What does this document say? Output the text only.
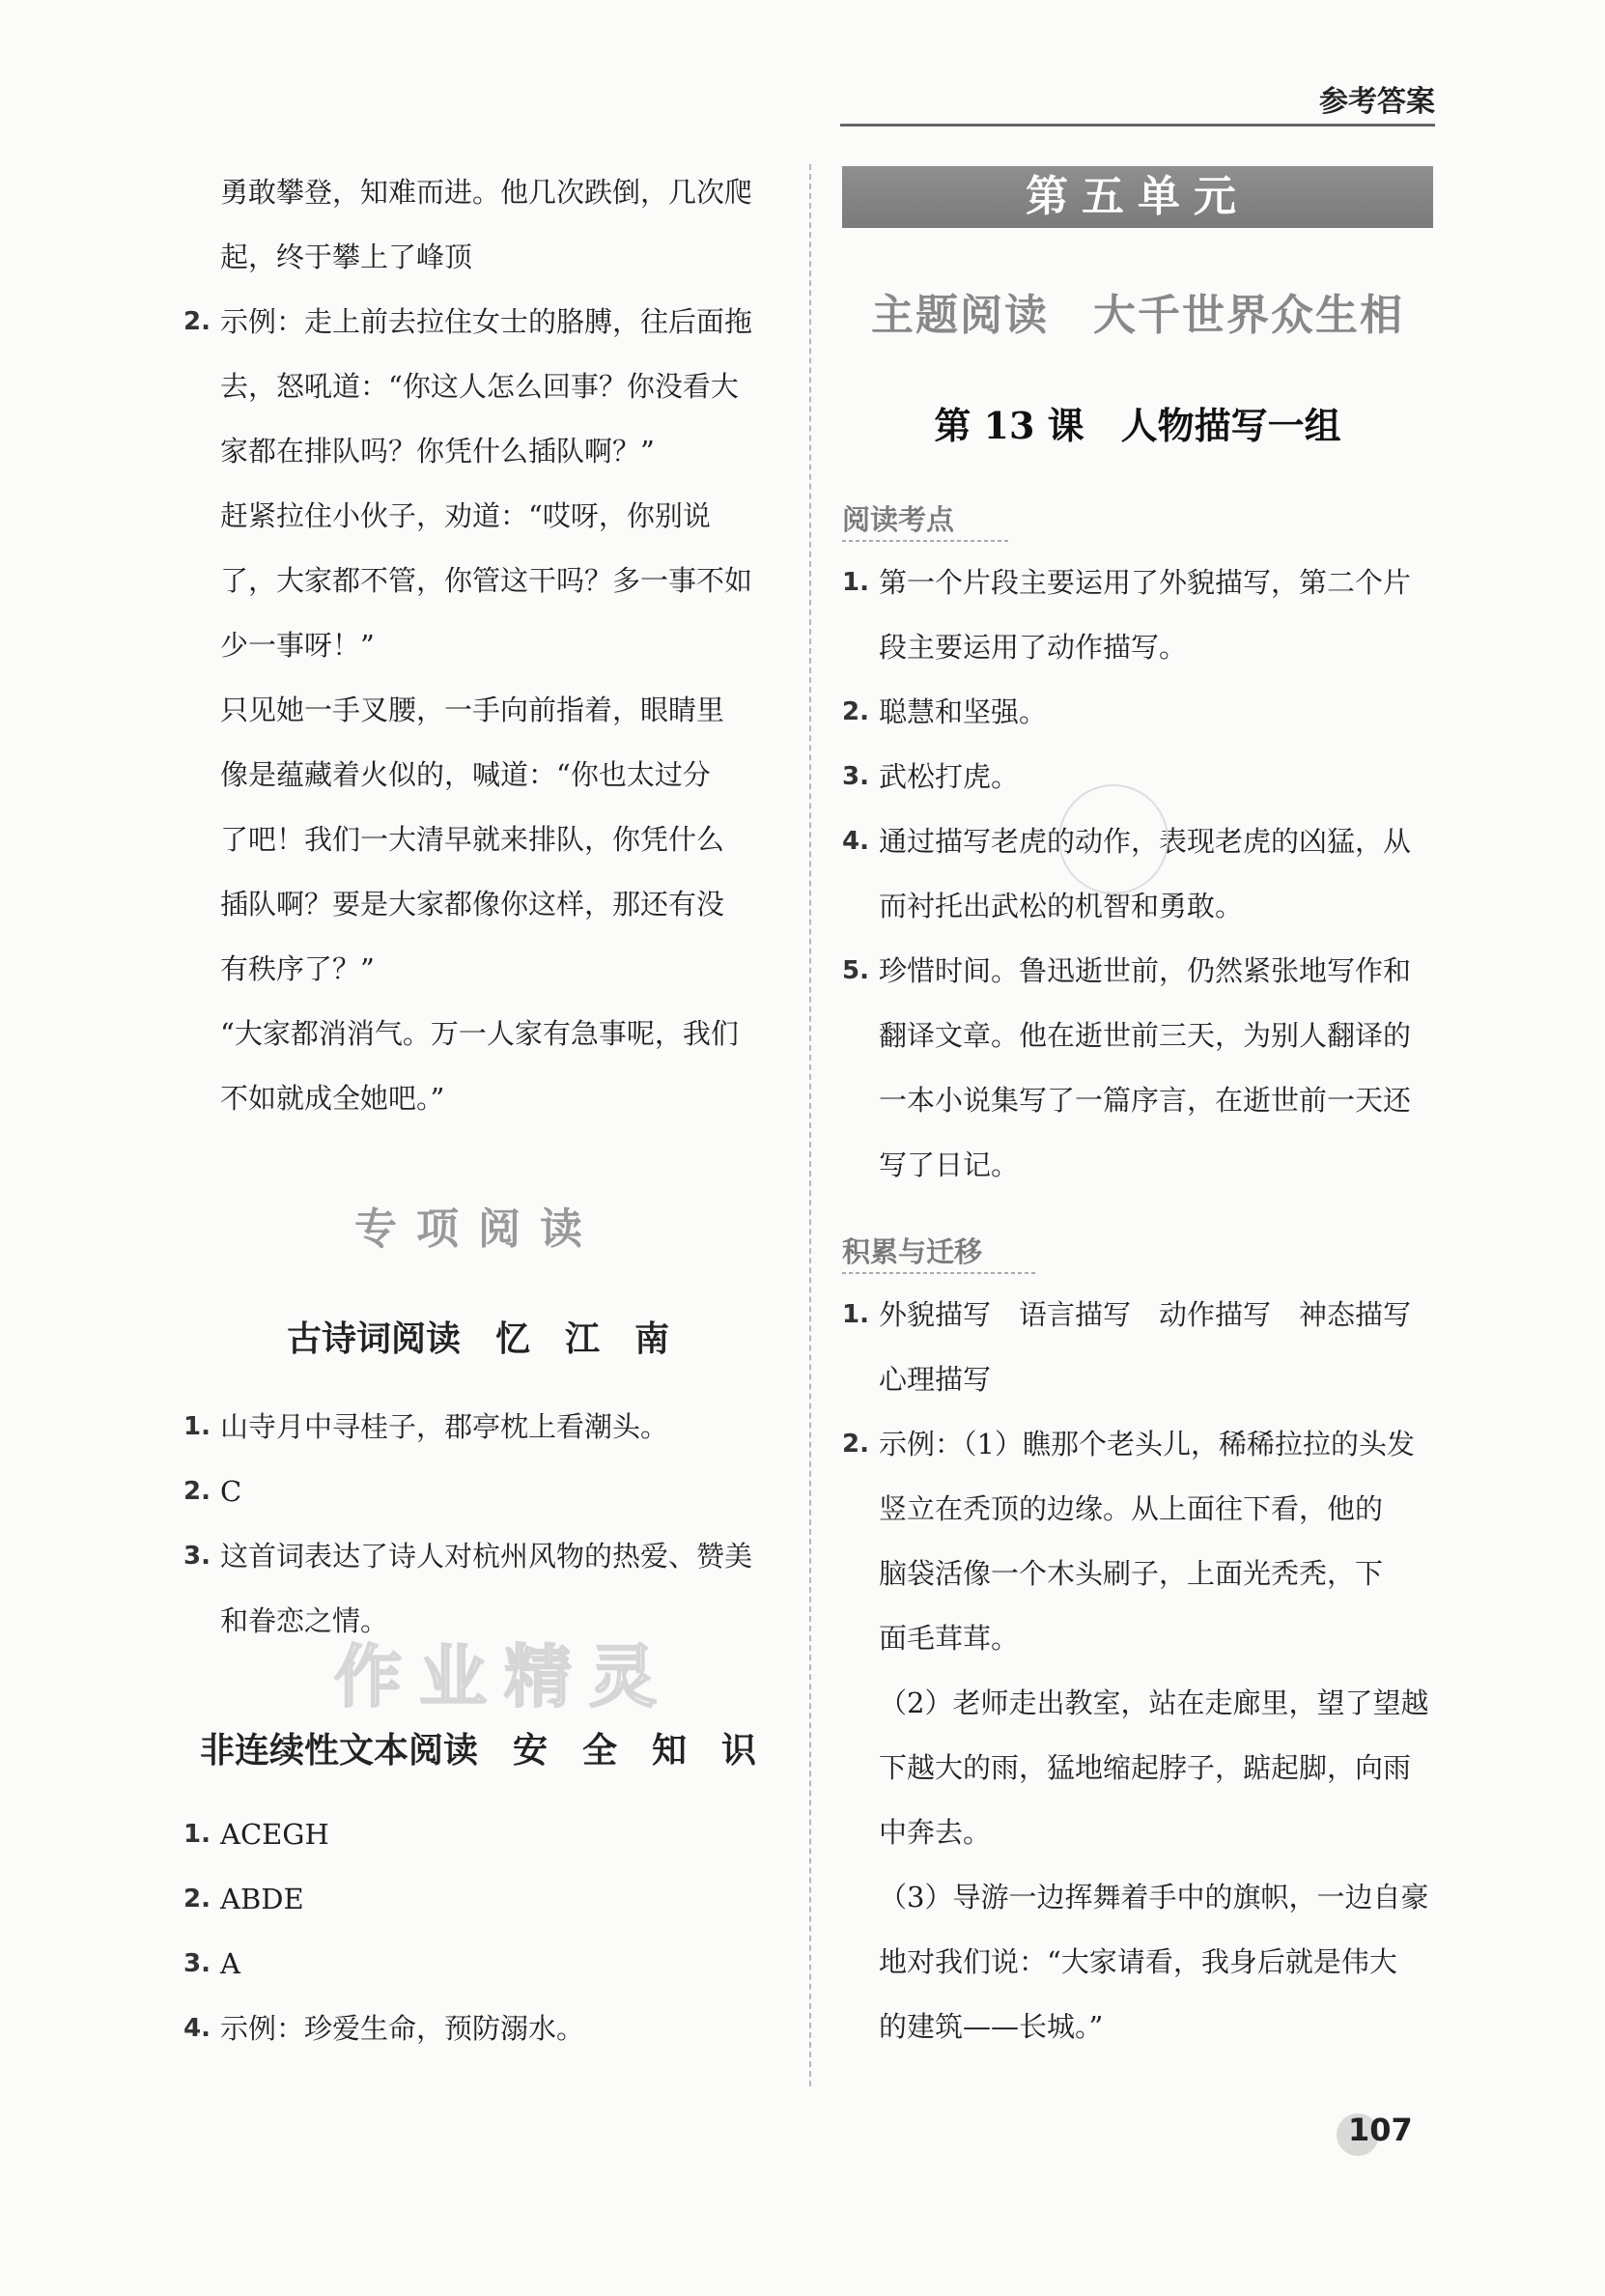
参考答案

勇敢攀登，知难而进。他几次跌倒，几次爬

起，终于攀上了峰顶

2. 示例：走上前去拉住女士的胳膊，往后面拖
去，怒吼道：“你这人怎么回事？你没看大
家都在排队吗？你凭什么插队啊？”
赶紧拉住小伙子，劝道：“哎呀，你别说
了，大家都不管，你管这干吗？多一事不如
少一事呀！”
只见她一手叉腰，一手向前指着，眼睛里
像是蕴藏着火似的，喊道：“你也太过分
了吧！我们一大清早就来排队，你凭什么
插队啊？要是大家都像你这样，那还有没
有秩序了？”
“大家都消消气。万一人家有急事呢，我们
不如就成全她吧。”
专项阅读
古诗词阅读　忆　江　南
1. 山寺月中寻桂子，郡亭枕上看潮头。
2. C
3. 这首词表达了诗人对杭州风物的热爱、赞美
和眷恋之情。
作业精灵
非连续性文本阅读　安　全　知　识
1. ACEGH
2. ABDE
3. A
4. 示例：珍爱生命，预防溺水。
第五单元
主题阅读　大千世界众生相
第 13 课　人物描写一组
阅读考点
1. 第一个片段主要运用了外貌描写，第二个片
段主要运用了动作描写。
2. 聪慧和坚强。
3. 武松打虎。
4. 通过描写老虎的动作，表现老虎的凶猛，从
而衬托出武松的机智和勇敢。
5. 珍惜时间。鲁迅逝世前，仍然紧张地写作和
翻译文章。他在逝世前三天，为别人翻译的
一本小说集写了一篇序言，在逝世前一天还
写了日记。
积累与迁移
1. 外貌描写　语言描写　动作描写　神态描写
心理描写
2. 示例：（1）瞧那个老头儿，稀稀拉拉的头发
竖立在秃顶的边缘。从上面往下看，他的
脑袋活像一个木头刷子，上面光秃秃，下
面毛茸茸。
（2）老师走出教室，站在走廊里，望了望越
下越大的雨，猛地缩起脖子，踮起脚，向雨
中奔去。
（3）导游一边挥舞着手中的旗帜，一边自豪
地对我们说：“大家请看，我身后就是伟大
的建筑——长城。”
107
